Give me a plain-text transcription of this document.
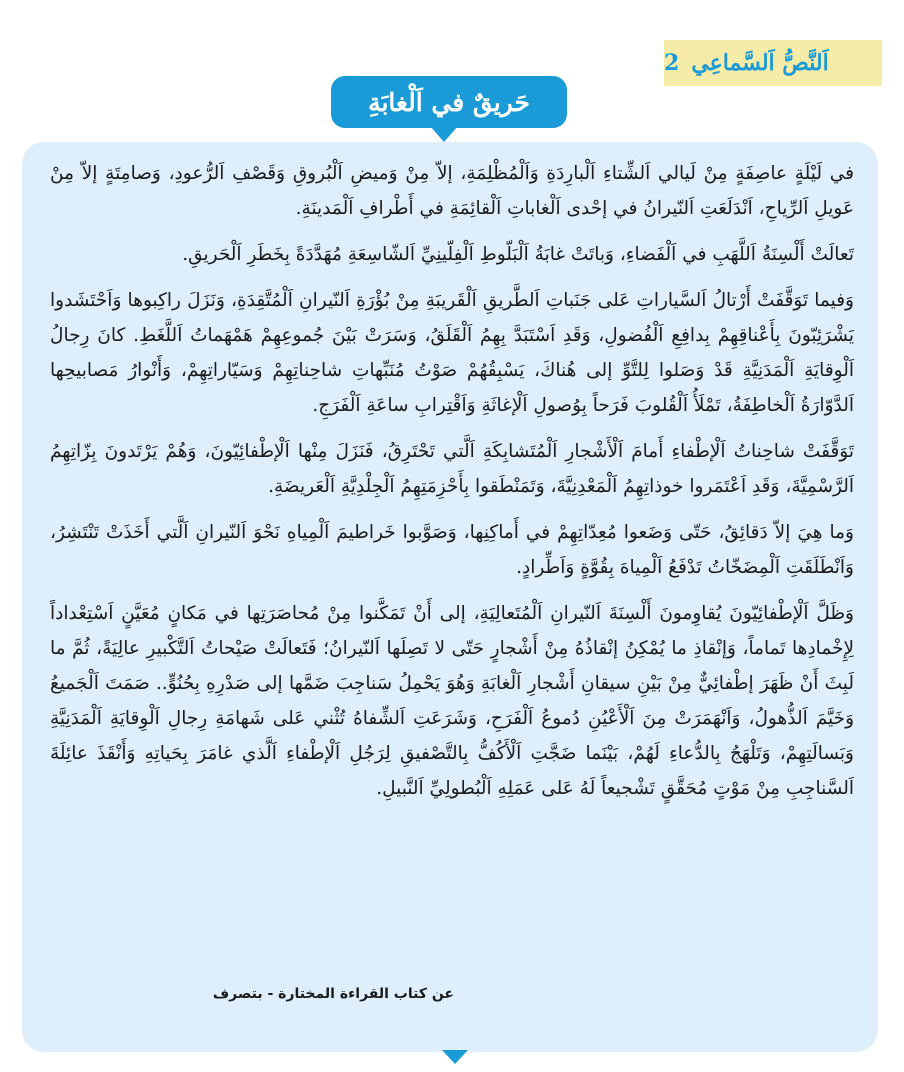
اَلنَّصُّ اَلسَّماعِي
2
حَريقٌ في اَلْغابَةِ

في لَيْلَةٍ عاصِفَةٍ مِنْ لَيالي اَلشِّتاءِ اَلْبارِدَةِ وَاَلْمُظْلِمَةِ، إلاّ مِنْ وَميضِ اَلْبُروقِ وَقَصْفِ اَلرُّعودِ، وَصامِتَةٍ إلاّ مِنْ عَويلِ اَلرِّياحِ، اَنْدَلَعَتِ اَلنّيرانُ في إحْدى اَلْغاباتِ اَلْقائِمَةِ في أَطْرافِ اَلْمَدينَةِ.

تَعالَتْ أَلْسِنَةُ اَللَّهَبِ في اَلْفَضاءِ، وَباتَتْ غابَةُ اَلْبَلّوطِ اَلْفِلّينِيِّ اَلشّاسِعَةِ مُهَدَّدَةً بِخَطَرِ اَلْحَريقِ.

وَفيما تَوَقَّفَتْ أَرْتالُ اَلسَّياراتِ عَلى جَنَباتِ اَلطَّريقِ اَلْقَريبَةِ مِنْ بُؤْرَةِ اَلنّيرانِ اَلْمُتَّقِدَةِ، وَنَزَلَ راكِبوها وَاَحْتَشَدوا يَشْرَئِبّونَ بِأَعْناقِهِمْ بِدافِعِ اَلْفُضولِ، وَقَدِ اَسْتَبَدَّ بِهِمُ اَلْقَلَقُ، وَسَرَتْ بَيْنَ جُموعِهِمْ هَمْهَماتُ اَللَّغَطِ. كانَ رِجالُ اَلْوِقايَةِ اَلْمَدَنِيَّةِ قَدْ وَصَلوا لِلتَّوِّ إلى هُناكَ، يَسْبِقُهُمْ صَوْتُ مُنَبِّهاتِ شاحِناتِهِمْ وَسَيّاراتِهِمْ، وَأَنْوارُ مَصابيحِها اَلدَّوّارَةُ اَلْخاطِفَةُ، تَمْلَأُ اَلْقُلوبَ فَرَحاً بِوُصولِ اَلْإغاثَةِ وَاَقْتِرابِ ساعَةِ اَلْفَرَجِ.

تَوَقَّفَتْ شاحِناتُ اَلْإطْفاءِ أَمامَ اَلْأَشْجارِ اَلْمُتَشابِكَةِ اَلَّتي تَحْتَرِقُ، فَنَزَلَ مِنْها اَلْإطْفائِيّونَ، وَهُمْ يَرْتَدونَ بِزّاتِهِمُ اَلرَّسْمِيَّةَ، وَقَدِ اَعْتَمَروا خوذاتِهِمُ اَلْمَعْدِنِيَّةَ، وَتَمَنْطَقوا بِأَحْزِمَتِهِمُ اَلْجِلْدِيَّةِ اَلْعَريضَةِ.

وَما هِيَ إلاّ دَقائِقُ، حَتّى وَضَعوا مُعِدّاتِهِمْ في أَماكِنِها، وَصَوَّبوا خَراطيمَ اَلْمِياهِ نَحْوَ اَلنّيرانِ اَلَّتي أَخَذَتْ تَنْتَشِرُ، وَاَنْطَلَقَتِ اَلْمِضَخّاتُ تَدْفَعُ اَلْمِياهَ بِقُوَّةٍ وَاَطِّرادٍ.

وَظَلَّ اَلْإطْفائِيّونَ يُقاوِمونَ أَلْسِنَةَ اَلنّيرانِ اَلْمُتَعالِيَةِ، إلى أَنْ تَمَكَّنوا مِنْ مُحاصَرَتِها في مَكانٍ مُعَيَّنٍ اَسْتِعْداداً لِإِخْمادِها تَماماً، وَإنْقاذِ ما يُمْكِنُ إنْقاذُهُ مِنْ أَشْجارٍ حَتّى لا تَصِلَها اَلنّيرانُ؛ فَتَعالَتْ صَيْحاتُ اَلتَّكْبيرِ عالِيَةً، ثُمَّ ما لَبِثَ أَنْ ظَهَرَ إطْفائِيٌّ مِنْ بَيْنِ سيقانِ أَشْجارِ اَلْغابَةِ وَهُوَ يَحْمِلُ سَناجِبَ ضَمَّها إلى صَدْرِهِ بِحُنُوٍّ.. صَمَتَ اَلْجَميعُ وَخَيَّمَ اَلذُّهولُ، وَاَنْهَمَرَتْ مِنَ اَلْأَعْيُنِ دُموعُ اَلْفَرَحِ، وَشَرَعَتِ اَلشِّفاهُ تُثْني عَلى شَهامَةِ رِجالِ اَلْوِقايَةِ اَلْمَدَنِيَّةِ وَبَسالَتِهِمْ، وَتَلْهَجُ بِالدُّعاءِ لَهُمْ، بَيْنَما ضَجَّتِ اَلْأَكُفُّ بِالتَّصْفيقِ لِرَجُلِ اَلْإطْفاءِ اَلَّذي غامَرَ بِحَياتِهِ وَأَنْقَذَ عائِلَةَ اَلسَّناجِبِ مِنْ مَوْتٍ مُحَقَّقٍ تَشْجيعاً لَهُ عَلى عَمَلِهِ اَلْبُطولِيِّ اَلنَّبيلِ.

عن كتاب القراءة المختارة - بتصرف
